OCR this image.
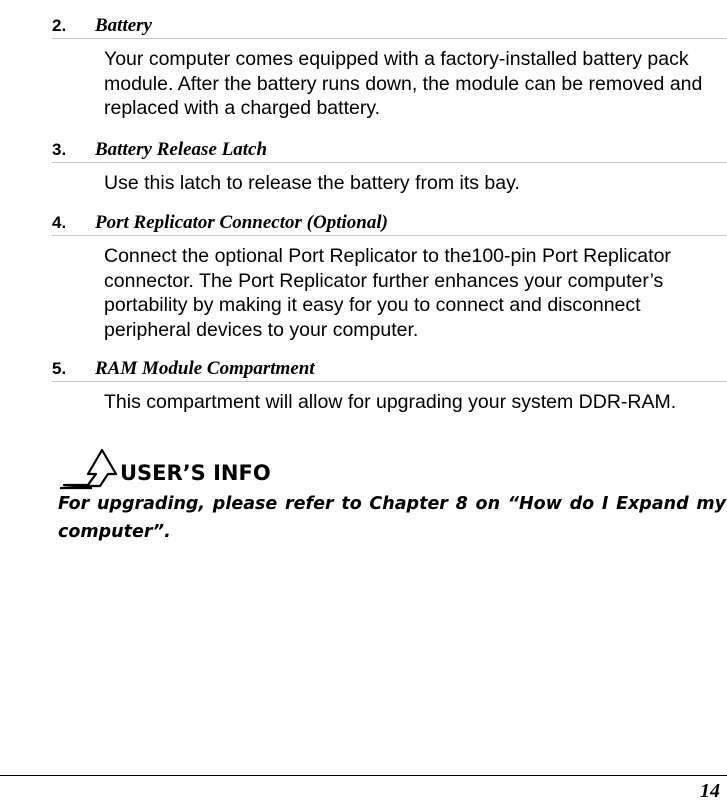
2. Battery
Your computer comes equipped with a factory-installed battery pack module. After the battery runs down, the module can be removed and replaced with a charged battery.
3. Battery Release Latch
Use this latch to release the battery from its bay.
4. Port Replicator Connector (Optional)
Connect the optional Port Replicator to the100-pin Port Replicator connector. The Port Replicator further enhances your computer’s portability by making it easy for you to connect and disconnect peripheral devices to your computer.
5. RAM Module Compartment
This compartment will allow for upgrading your system DDR-RAM.
USER’S INFO
For upgrading, please refer to Chapter 8 on “How do I Expand my computer”.
14
